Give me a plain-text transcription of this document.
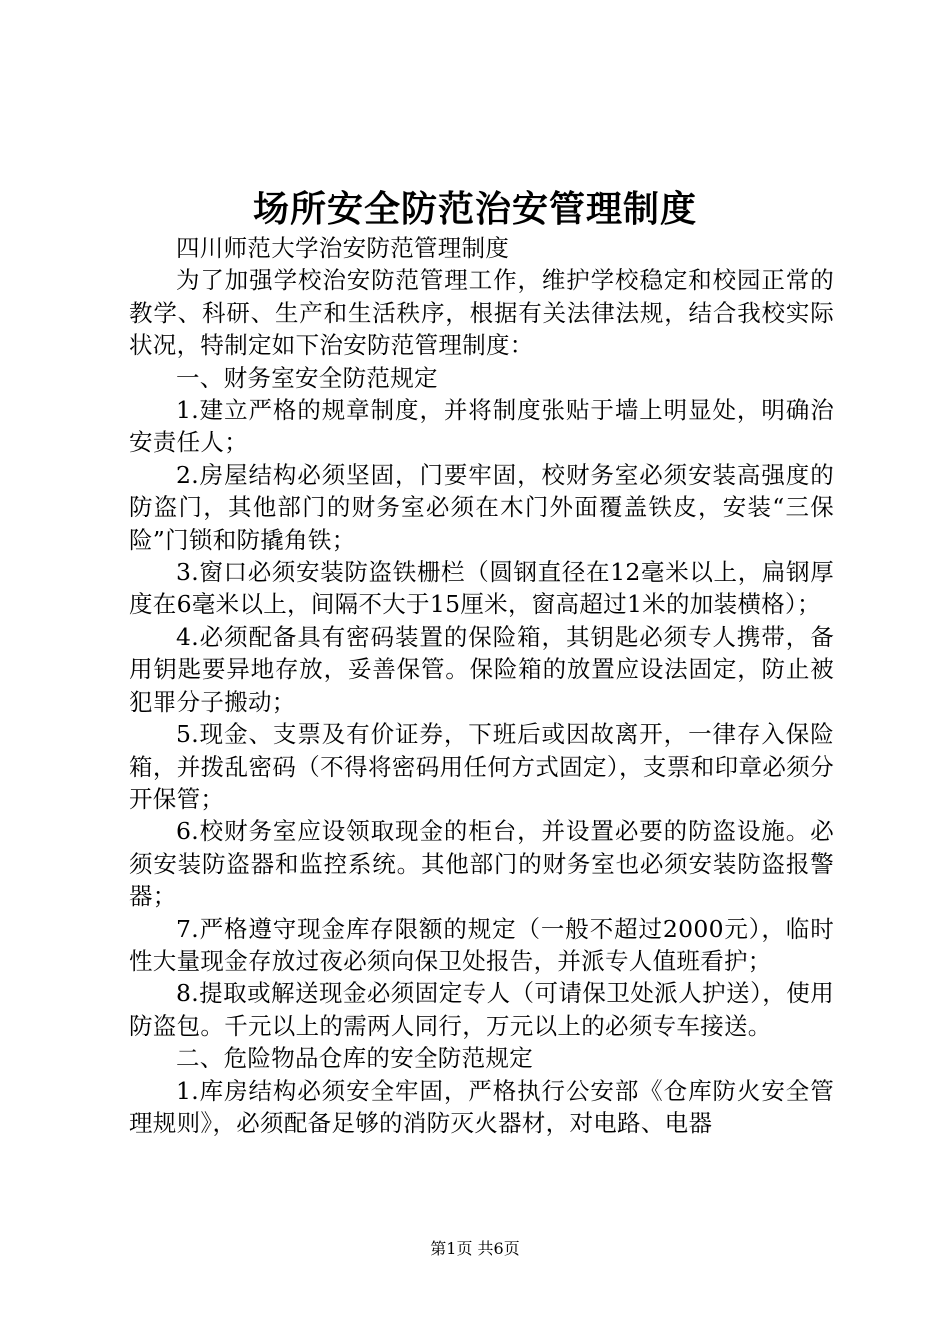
场所安全防范治安管理制度

四川师范大学治安防范管理制度

为了加强学校治安防范管理工作，维护学校稳定和校园正常的教学、科研、生产和生活秩序，根据有关法律法规，结合我校实际状况，特制定如下治安防范管理制度：

一、财务室安全防范规定

1.建立严格的规章制度，并将制度张贴于墙上明显处，明确治安责任人；

2.房屋结构必须坚固，门要牢固，校财务室必须安装高强度的防盗门，其他部门的财务室必须在木门外面覆盖铁皮，安装“三保险”门锁和防撬角铁；

3.窗口必须安装防盗铁栅栏（圆钢直径在12毫米以上，扁钢厚度在6毫米以上，间隔不大于15厘米，窗高超过1米的加装横格）；

4.必须配备具有密码装置的保险箱，其钥匙必须专人携带，备用钥匙要异地存放，妥善保管。保险箱的放置应设法固定，防止被犯罪分子搬动；

5.现金、支票及有价证券，下班后或因故离开，一律存入保险箱，并拨乱密码（不得将密码用任何方式固定），支票和印章必须分开保管；

6.校财务室应设领取现金的柜台，并设置必要的防盗设施。必须安装防盗器和监控系统。其他部门的财务室也必须安装防盗报警器；

7.严格遵守现金库存限额的规定（一般不超过2000元），临时性大量现金存放过夜必须向保卫处报告，并派专人值班看护；

8.提取或解送现金必须固定专人（可请保卫处派人护送），使用防盗包。千元以上的需两人同行，万元以上的必须专车接送。

二、危险物品仓库的安全防范规定

1.库房结构必须安全牢固，严格执行公安部《仓库防火安全管理规则》，必须配备足够的消防灭火器材，对电路、电器

第1页 共6页
